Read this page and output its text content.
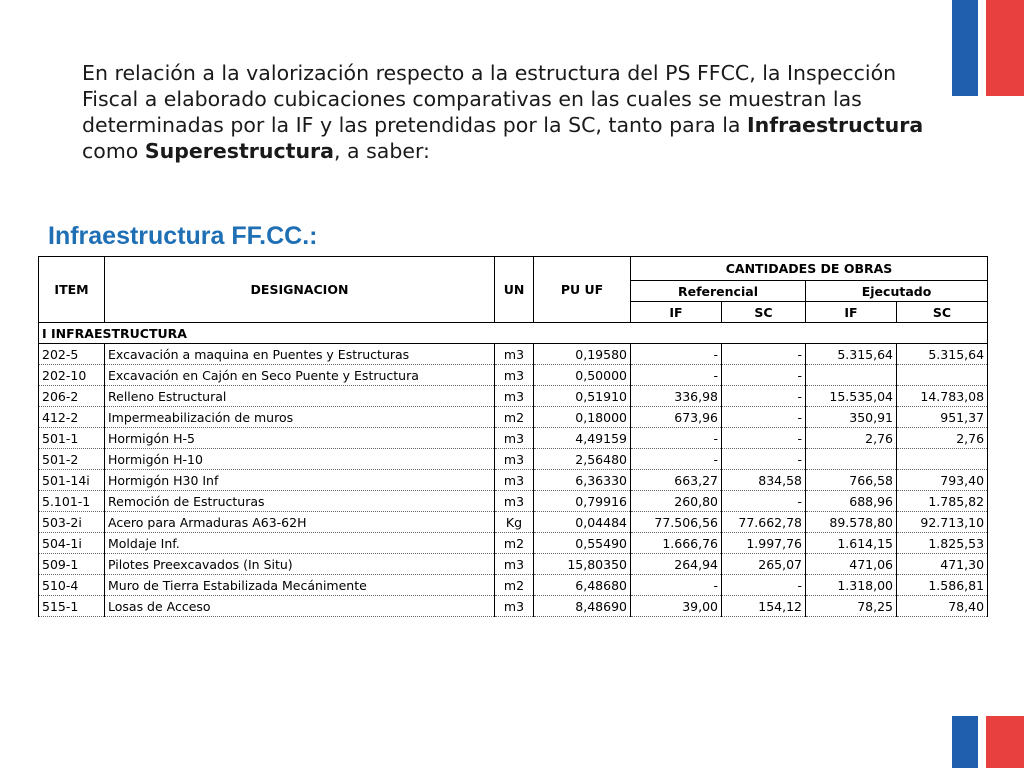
En relación a la valorización respecto a la estructura del PS FFCC, la Inspección Fiscal a elaborado cubicaciones comparativas en las cuales se muestran las determinadas por la IF y las pretendidas por la SC, tanto para la Infraestructura como Superestructura, a saber:

Infraestructura FF.CC.:
ITEM	DESIGNACION	UN	PU UF	CANTIDADES DE OBRAS			
				Referencial		Ejecutado	
				IF	SC	IF	SC
I INFRAESTRUCTURA							
202-5	Excavación a maquina en Puentes y Estructuras	m3	0,19580	-	-	5.315,64	5.315,64
202-10	Excavación en Cajón en Seco Puente y Estructura	m3	0,50000	-	-		
206-2	Relleno Estructural	m3	0,51910	336,98	-	15.535,04	14.783,08
412-2	Impermeabilización de muros	m2	0,18000	673,96	-	350,91	951,37
501-1	Hormigón H-5	m3	4,49159	-	-	2,76	2,76
501-2	Hormigón H-10	m3	2,56480	-	-		
501-14i	Hormigón H30 Inf	m3	6,36330	663,27	834,58	766,58	793,40
5.101-1	Remoción de Estructuras	m3	0,79916	260,80	-	688,96	1.785,82
503-2i	Acero para Armaduras A63-62H	Kg	0,04484	77.506,56	77.662,78	89.578,80	92.713,10
504-1i	Moldaje Inf.	m2	0,55490	1.666,76	1.997,76	1.614,15	1.825,53
509-1	Pilotes Preexcavados (In Situ)	m3	15,80350	264,94	265,07	471,06	471,30
510-4	Muro de Tierra Estabilizada Mecánimente	m2	6,48680	-	-	1.318,00	1.586,81
515-1	Losas de Acceso	m3	8,48690	39,00	154,12	78,25	78,40
